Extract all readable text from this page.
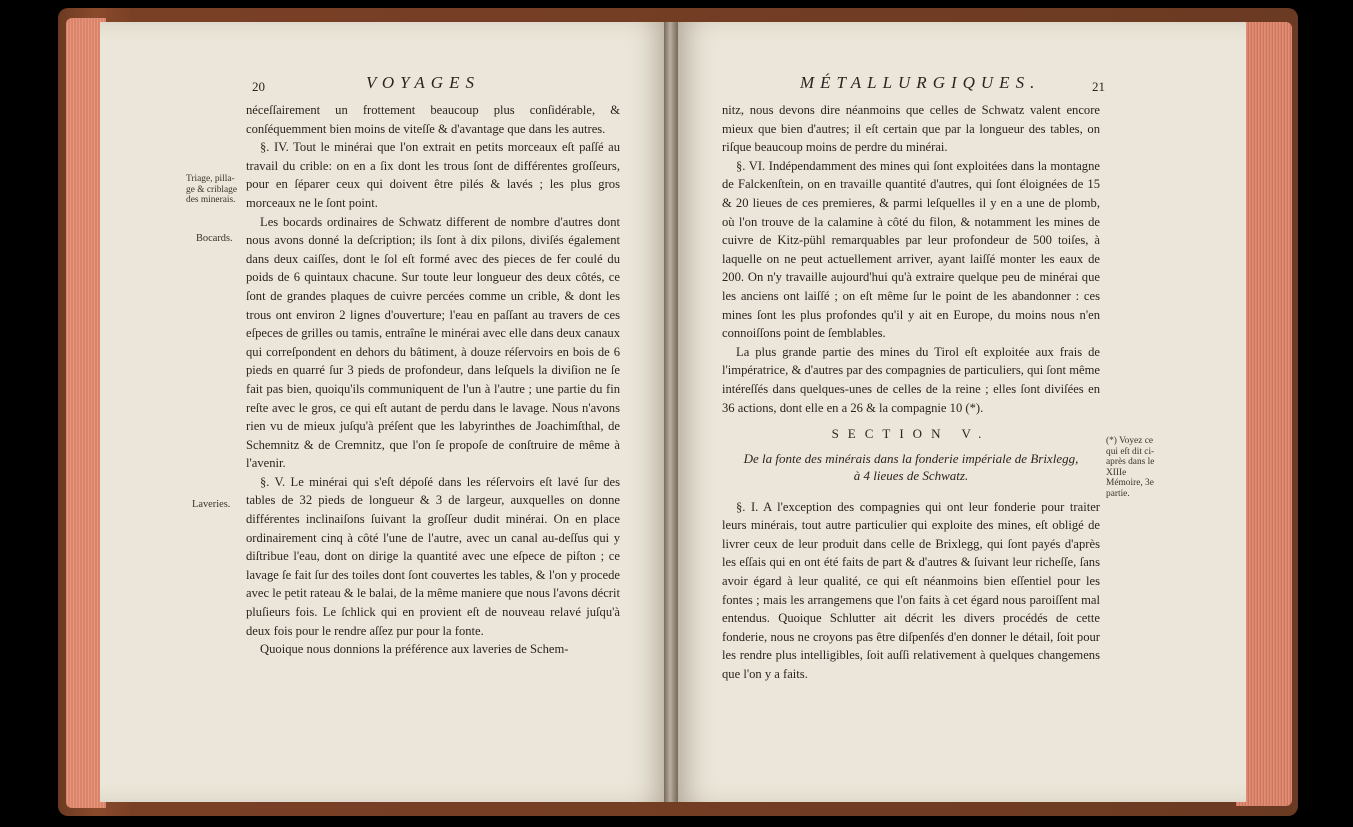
20	VOYAGES
Triage, pilla-ge & criblage des minerais.
Bocards.
Laveries.

néceſſairement un frottement beaucoup plus conſidérable, & conſéquemment bien moins de viteſſe & d'avantage que dans les autres.

§. IV. Tout le minérai que l'on extrait en petits morceaux eſt paſſé au travail du crible: on en a ſix dont les trous ſont de différentes groſſeurs, pour en ſéparer ceux qui doivent être pilés & lavés ; les plus gros morceaux ne le ſont point.

Les bocards ordinaires de Schwatz different de nombre d'autres dont nous avons donné la deſcription; ils ſont à dix pilons, diviſés également dans deux caiſſes, dont le ſol eſt formé avec des pieces de fer coulé du poids de 6 quintaux chacune. Sur toute leur longueur des deux côtés, ce ſont de grandes plaques de cuivre percées comme un crible, & dont les trous ont environ 2 lignes d'ouverture; l'eau en paſſant au travers de ces eſpeces de grilles ou tamis, entraîne le minérai avec elle dans deux canaux qui correſpondent en dehors du bâtiment, à douze réſervoirs en bois de 6 pieds en quarré ſur 3 pieds de profondeur, dans leſquels la diviſion ne ſe fait pas bien, quoiqu'ils communiquent de l'un à l'autre ; une partie du fin reſte avec le gros, ce qui eſt autant de perdu dans le lavage. Nous n'avons rien vu de mieux juſqu'à préſent que les labyrinthes de Joachimſthal, de Schemnitz & de Cremnitz, que l'on ſe propoſe de conſtruire de même à l'avenir.

§. V. Le minérai qui s'eſt dépoſé dans les réſervoirs eſt lavé ſur des tables de 32 pieds de longueur & 3 de largeur, auxquelles on donne différentes inclinaiſons ſuivant la groſſeur dudit minérai. On en place ordinairement cinq à côté l'une de l'autre, avec un canal au-deſſus qui y diſtribue l'eau, dont on dirige la quantité avec une eſpece de piſton ; ce lavage ſe fait ſur des toiles dont ſont couvertes les tables, & l'on y procede avec le petit rateau & le balai, de la même maniere que nous l'avons décrit pluſieurs fois. Le ſchlick qui en provient eſt de nouveau relavé juſqu'à deux fois pour le rendre aſſez pur pour la fonte.

Quoique nous donnions la préférence aux laveries de Schem-

MÉTALLURGIQUES.	21

nitz, nous devons dire néanmoins que celles de Schwatz valent encore mieux que bien d'autres; il eſt certain que par la longueur des tables, on riſque beaucoup moins de perdre du minérai.

§. VI. Indépendamment des mines qui ſont exploitées dans la montagne de Falckenſtein, on en travaille quantité d'autres, qui ſont éloignées de 15 & 20 lieues de ces premieres, & parmi leſquelles il y en a une de plomb, où l'on trouve de la calamine à côté du filon, & notamment les mines de cuivre de Kitz-pühl remarquables par leur profondeur de 500 toiſes, à laquelle on ne peut actuellement arriver, ayant laiſſé monter les eaux de 200. On n'y travaille aujourd'hui qu'à extraire quelque peu de minérai que les anciens ont laiſſé ; on eſt même ſur le point de les abandonner : ces mines ſont les plus profondes qu'il y ait en Europe, du moins nous n'en connoiſſons point de ſemblables.

La plus grande partie des mines du Tirol eſt exploitée aux frais de l'impératrice, & d'autres par des compagnies de particuliers, qui ſont même intéreſſés dans quelques-unes de celles de la reine ; elles ſont diviſées en 36 actions, dont elle en a 26 & la compagnie 10 (*).

SECTION V.
De la fonte des minérais dans la fonderie impériale de Brixlegg,
à 4 lieues de Schwatz.

§. I. A l'exception des compagnies qui ont leur fonderie pour traiter leurs minérais, tout autre particulier qui exploite des mines, eſt obligé de livrer ceux de leur produit dans celle de Brixlegg, qui ſont payés d'après les eſſais qui en ont été faits de part & d'autres & ſuivant leur richeſſe, ſans avoir égard à leur qualité, ce qui eſt néanmoins bien eſſentiel pour les fontes ; mais les arrangemens que l'on faits à cet égard nous paroiſſent mal entendus. Quoique Schlutter ait décrit les divers procédés de cette fonderie, nous ne croyons pas être diſpenſés d'en donner le détail, ſoit pour les rendre plus intelligibles, ſoit auſſi relativement à quelques changemens que l'on y a faits.

(*) Voyez ce qui eſt dit ci-après dans le XIIIe Mémoire, 3e partie.
